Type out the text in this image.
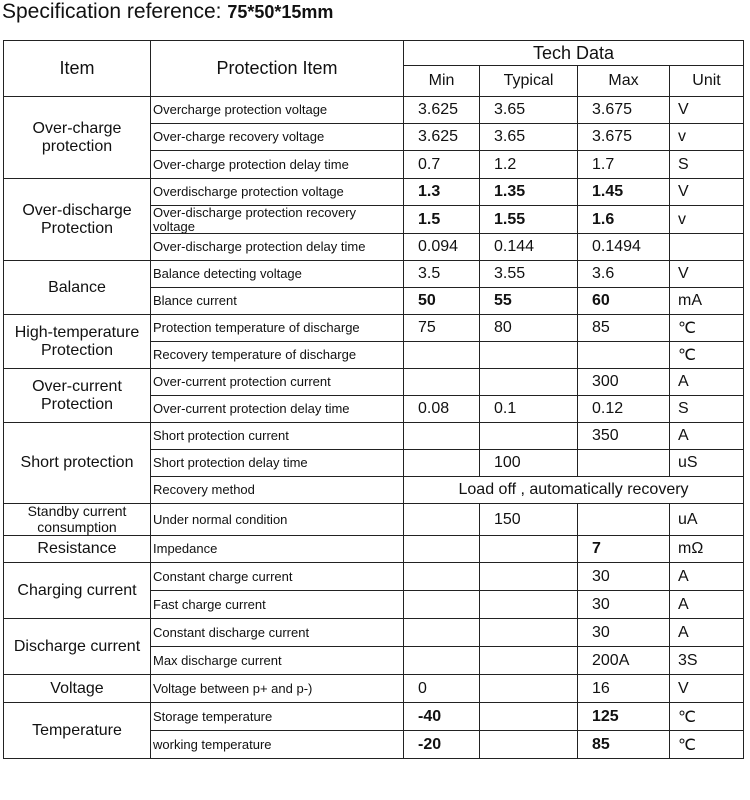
Specification reference: 75*50*15mm
Item	Protection Item	Tech Data			
		Min	Typical	Max	Unit
Over-charge protection	Overcharge protection voltage	3.625	3.65	3.675	V
	Over-charge recovery voltage	3.625	3.65	3.675	v
	Over-charge protection delay time	0.7	1.2	1.7	S
Over-discharge Protection	Overdischarge protection voltage	1.3	1.35	1.45	V
	Over-discharge protection recovery voltage	1.5	1.55	1.6	v
	Over-discharge protection delay time	0.094	0.144	0.1494	
Balance	Balance detecting voltage	3.5	3.55	3.6	V
	Blance current	50	55	60	mA
High-temperature Protection	Protection temperature of discharge	75	80	85	℃
	Recovery temperature of discharge				℃
Over-current Protection	Over-current protection current			300	A
	Over-current protection delay time	0.08	0.1	0.12	S
Short protection	Short protection current			350	A
	Short protection delay time		100		uS
	Recovery method	Load off , automatically recovery			
Standby current consumption	Under normal condition		150		uA
Resistance	Impedance			7	mΩ
Charging current	Constant charge current			30	A
	Fast charge current			30	A
Discharge current	Constant discharge current			30	A
	Max discharge current			200A	3S
Voltage	Voltage between p+ and p-)	0		16	V
Temperature	Storage temperature	-40		125	℃
	working temperature	-20		85	℃
